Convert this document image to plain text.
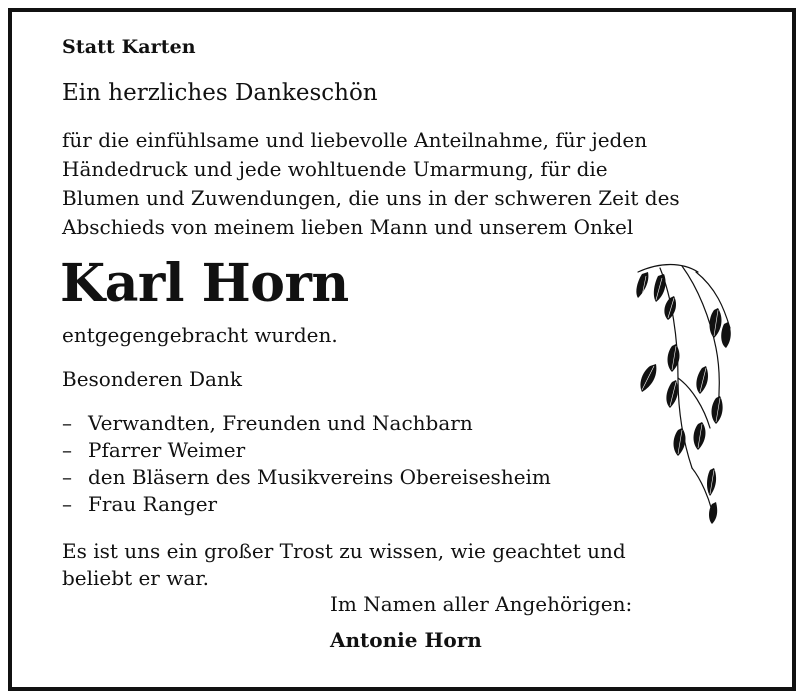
Statt Karten
Ein herzliches Dankeschön
für die einfühlsame und liebevolle Anteilnahme, für jeden
Händedruck und jede wohltuende Umarmung, für die
Blumen und Zuwendungen, die uns in der schweren Zeit des
Abschieds von meinem lieben Mann und unserem Onkel
Karl Horn
entgegengebracht wurden.
Besonderen Dank
– Verwandten, Freunden und Nachbarn
– Pfarrer Weimer
– den Bläsern des Musikvereins Obereisesheim
– Frau Ranger
Es ist uns ein großer Trost zu wissen, wie geachtet und
beliebt er war.
Im Namen aller Angehörigen:
Antonie Horn
